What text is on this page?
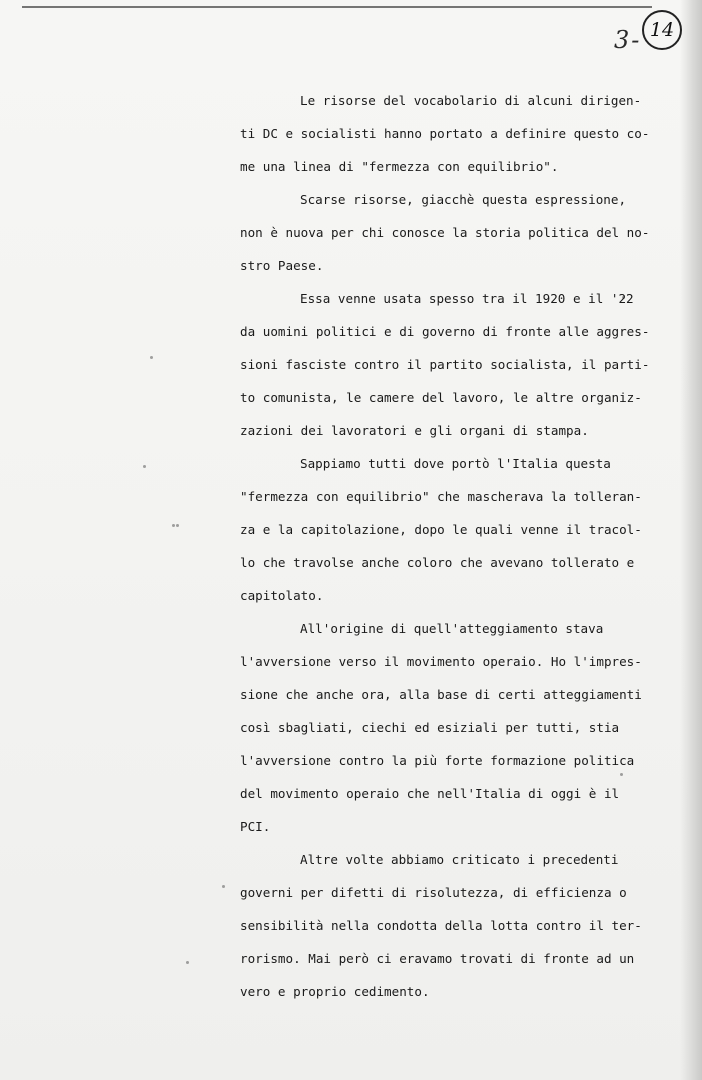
3- 14
Le risorse del vocabolario di alcuni dirigen-
ti DC e socialisti hanno portato a definire questo co-
me una linea di "fermezza con equilibrio".
Scarse risorse, giacchè questa espressione,
non è nuova per chi conosce la storia politica del no-
stro Paese.
Essa venne usata spesso tra il 1920 e il '22
da uomini politici e di governo di fronte alle aggres-
sioni fasciste contro il partito socialista, il parti-
to comunista, le camere del lavoro, le altre organiz-
zazioni dei lavoratori e gli organi di stampa.
Sappiamo tutti dove portò l'Italia questa
"fermezza con equilibrio" che mascherava la tolleran-
za e la capitolazione, dopo le quali venne il tracol-
lo che travolse anche coloro che avevano tollerato e
capitolato.
All'origine di quell'atteggiamento stava
l'avversione verso il movimento operaio. Ho l'impres-
sione che anche ora, alla base di certi atteggiamenti
così sbagliati, ciechi ed esiziali per tutti, stia
l'avversione contro la più forte formazione politica
del movimento operaio che nell'Italia di oggi è il
PCI.
Altre volte abbiamo criticato i precedenti
governi per difetti di risolutezza, di efficienza o
sensibilità nella condotta della lotta contro il ter-
rorismo. Mai però ci eravamo trovati di fronte ad un
vero e proprio cedimento.
